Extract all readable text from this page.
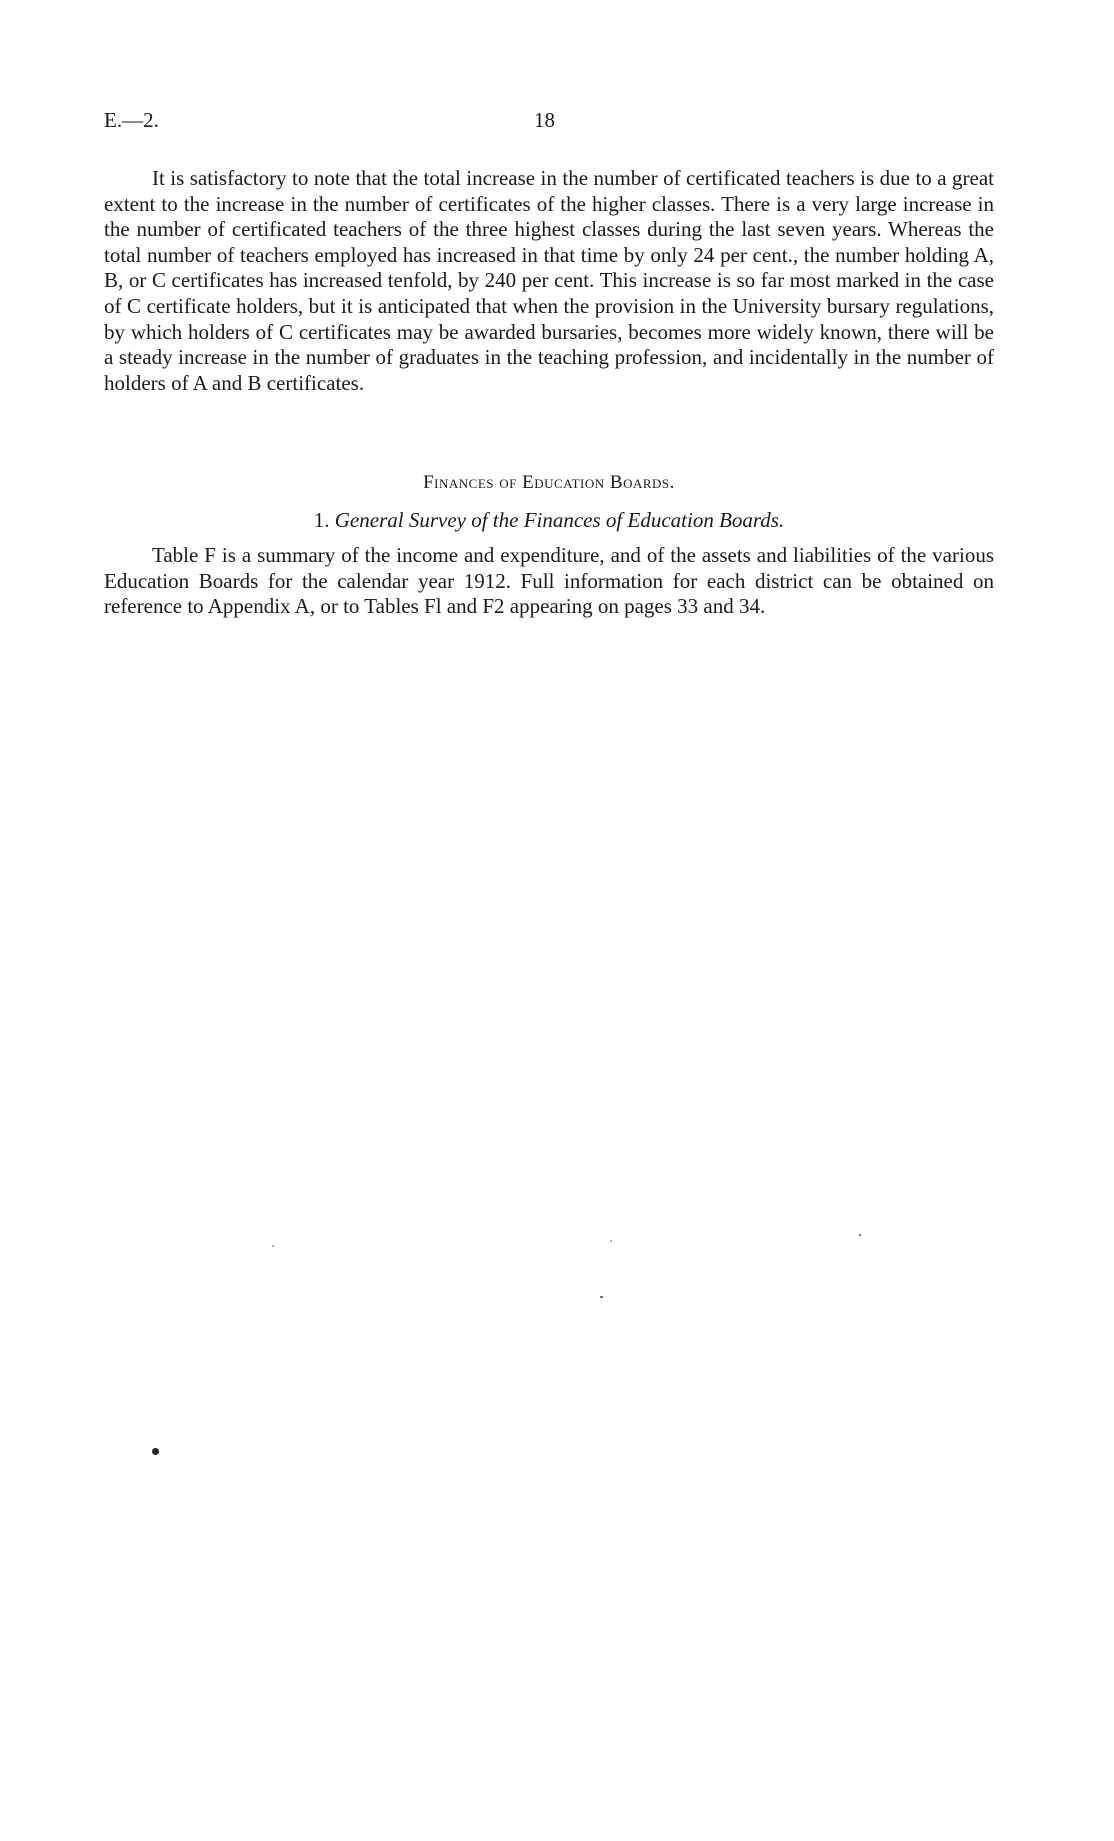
E.—2.	18

It is satisfactory to note that the total increase in the number of certificated teachers is due to a great extent to the increase in the number of certificates of the higher classes. There is a very large increase in the number of certificated teachers of the three highest classes during the last seven years. Whereas the total number of teachers employed has increased in that time by only 24 per cent., the number holding A, B, or C certificates has increased tenfold, by 240 per cent. This increase is so far most marked in the case of C certificate holders, but it is anticipated that when the provision in the University bursary regulations, by which holders of C certificates may be awarded bursaries, becomes more widely known, there will be a steady increase in the number of graduates in the teaching profession, and incidentally in the number of holders of A and B certificates.

Finances of Education Boards.
1. General Survey of the Finances of Education Boards.

Table F is a summary of the income and expenditure, and of the assets and liabilities of the various Education Boards for the calendar year 1912. Full information for each district can be obtained on reference to Appendix A, or to Tables Fl and F2 appearing on pages 33 and 34.
